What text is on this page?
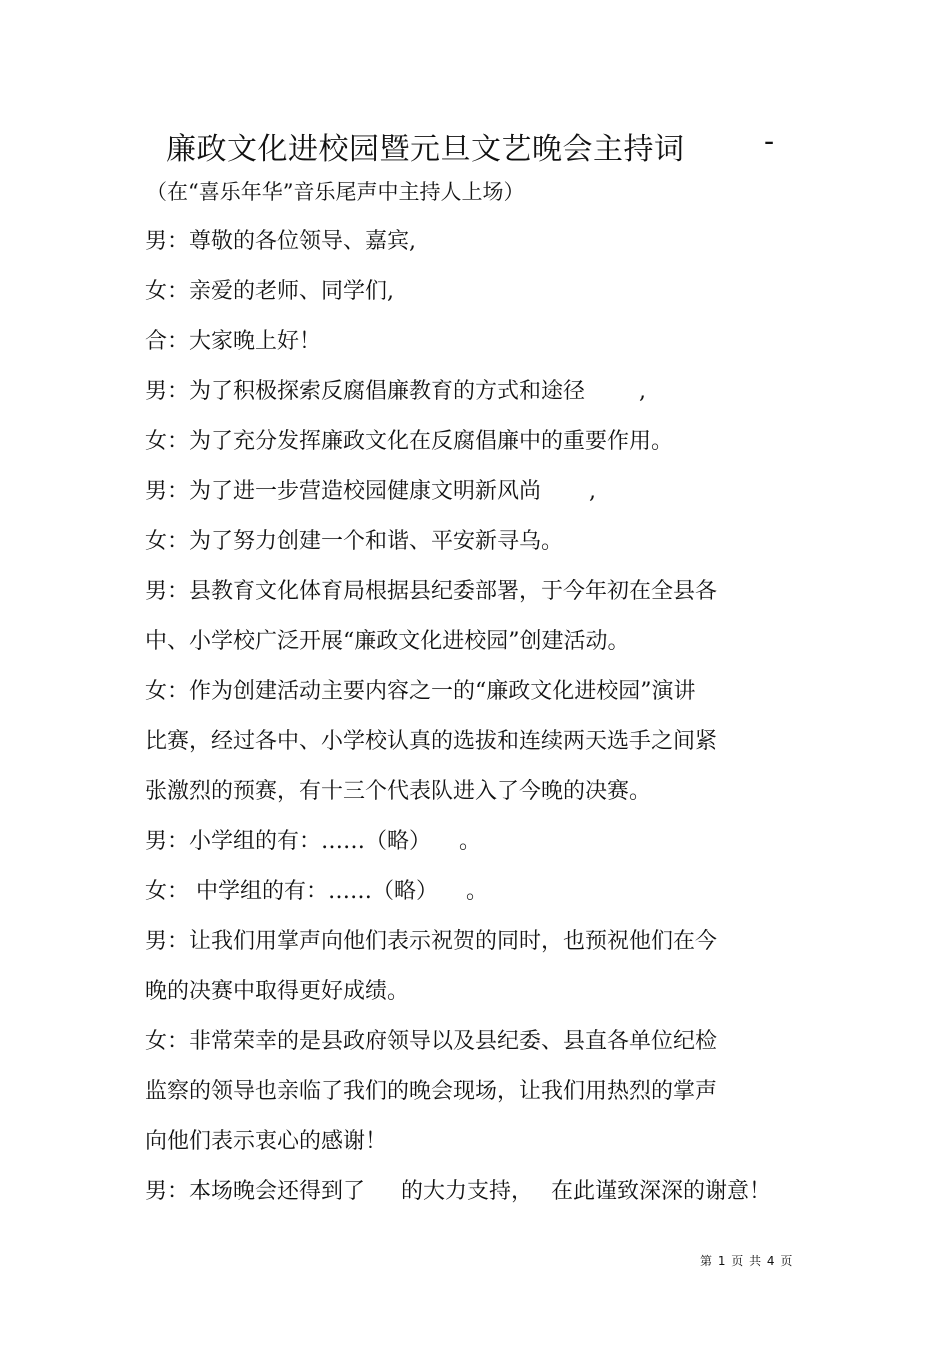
廉政文化进校园暨元旦文艺晚会主持词	-
（在“喜乐年华”音乐尾声中主持人上场）
男：尊敬的各位领导、嘉宾,
女：亲爱的老师、同学们,
合：大家晚上好！
男：为了积极探索反腐倡廉教育的方式和途径 ,
女：为了充分发挥廉政文化在反腐倡廉中的重要作用。
男：为了进一步营造校园健康文明新风尚 ,
女：为了努力创建一个和谐、平安新寻乌。
男：县教育文化体育局根据县纪委部署，于今年初在全县各
中、小学校广泛开展“廉政文化进校园”创建活动。
女：作为创建活动主要内容之一的“廉政文化进校园”演讲
比赛，经过各中、小学校认真的选拔和连续两天选手之间紧
张激烈的预赛，有十三个代表队进入了今晚的决赛。
男：小学组的有：……（略） 。
女： 中学组的有：……（略） 。
男：让我们用掌声向他们表示祝贺的同时，也预祝他们在今
晚的决赛中取得更好成绩。
女：非常荣幸的是县政府领导以及县纪委、县直各单位纪检
监察的领导也亲临了我们的晚会现场，让我们用热烈的掌声
向他们表示衷心的感谢！
男：本场晚会还得到了 的大力支持， 在此谨致深深的谢意！
第 1 页 共 4 页
